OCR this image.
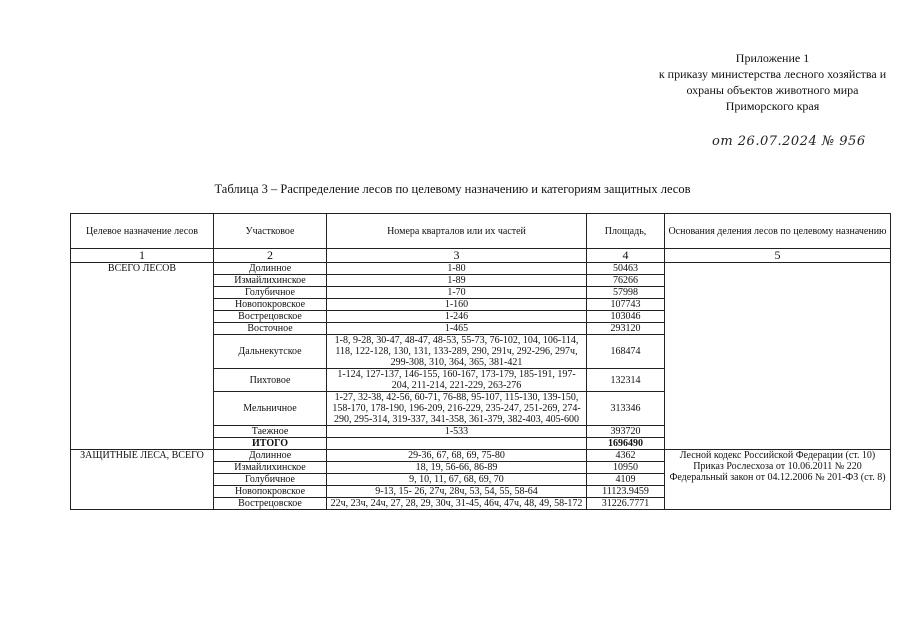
Приложение 1
к приказу министерства лесного хозяйства и
охраны объектов животного мира
Приморского края
от 26.07.2024 № 956
Таблица 3 – Распределение лесов по целевому назначению и категориям защитных лесов
Целевое назначение лесов	Участковое	Номера кварталов или их частей	Площадь,	Основания деления лесов по целевому назначению
1	2	3	4	5
ВСЕГО ЛЕСОВ	Долинное	1-80	50463	
	Измайлихинское	1-89	76266	
	Голубичное	1-70	57998	
	Новопокровское	1-160	107743	
	Вострецовское	1-246	103046	
	Восточное	1-465	293120	
	Дальнекутское	1-8, 9-28, 30-47, 48-47, 48-53, 55-73, 76-102, 104, 106-114, 118, 122-128, 130, 131, 133-289, 290, 291ч, 292-296, 297ч, 299-308, 310, 364, 365, 381-421	168474	
	Пихтовое	1-124, 127-137, 146-155, 160-167, 173-179, 185-191, 197-204, 211-214, 221-229, 263-276	132314	
	Мельничное	1-27, 32-38, 42-56, 60-71, 76-88, 95-107, 115-130, 139-150, 158-170, 178-190, 196-209, 216-229, 235-247, 251-269, 274-290, 295-314, 319-337, 341-358, 361-379, 382-403, 405-600	313346	
	Таежное	1-533	393720	
	ИТОГО		1696490	
ЗАЩИТНЫЕ ЛЕСА, ВСЕГО	Долинное	29-36, 67, 68, 69, 75-80	4362	Лесной кодекс Российской Федерации (ст. 10) Приказ Рослесхоза от 10.06.2011 № 220 Федеральный закон от 04.12.2006 № 201-ФЗ (ст. 8)
	Измайлихинское	18, 19, 56-66, 86-89	10950	
	Голубичное	9, 10, 11, 67, 68, 69, 70	4109	
	Новопокровское	9-13, 15- 26, 27ч, 28ч, 53, 54, 55, 58-64	11123.9459	
	Вострецовское	22ч, 23ч, 24ч, 27, 28, 29, 30ч, 31-45, 46ч, 47ч, 48, 49, 58-172	31226.7771	
